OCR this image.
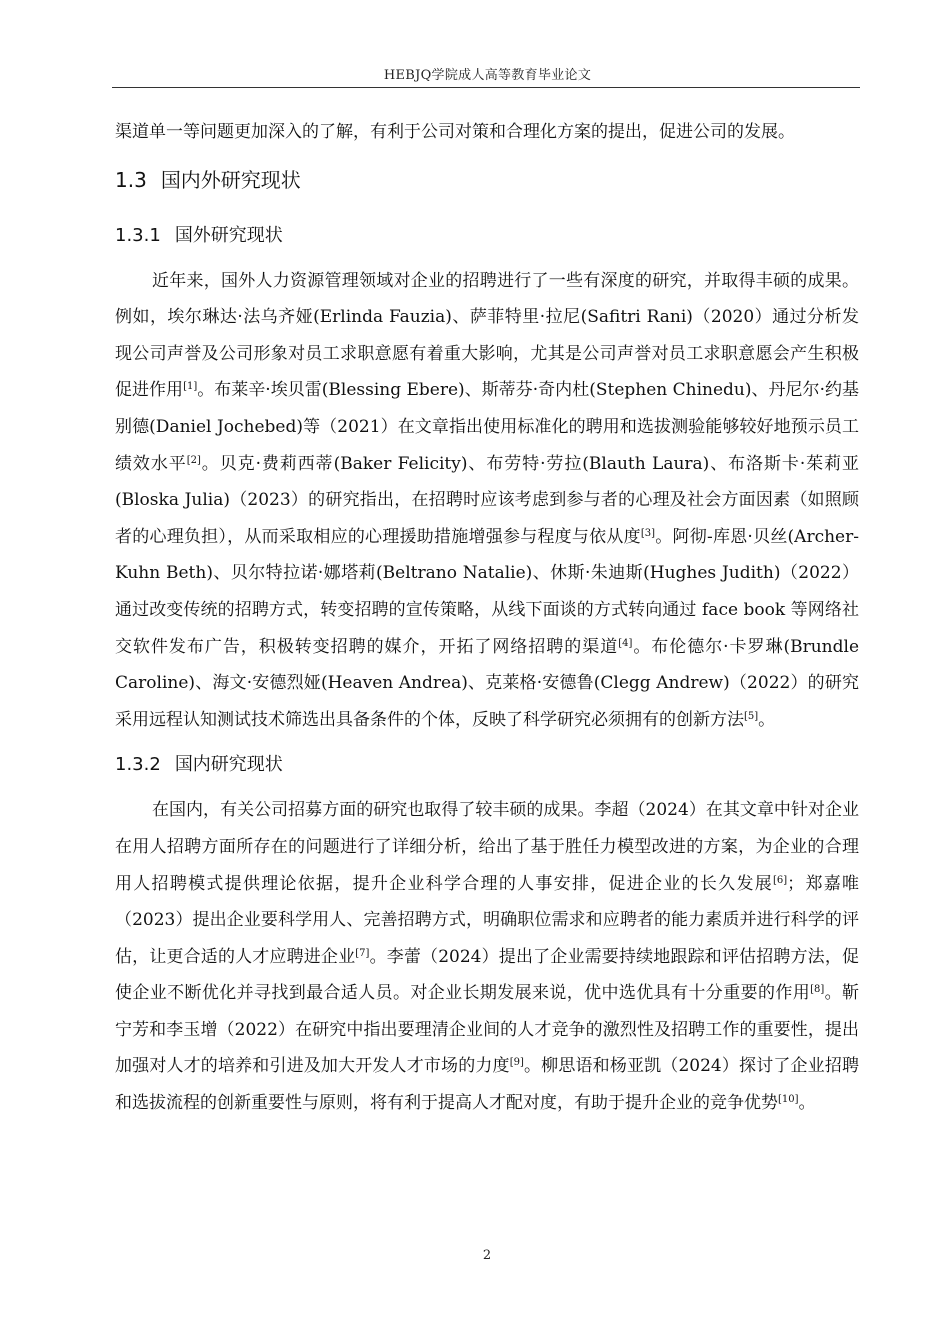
HEBJQ学院成人高等教育毕业论文

渠道单一等问题更加深入的了解，有利于公司对策和合理化方案的提出，促进公司的发展。

1.3 国内外研究现状
1.3.1 国外研究现状

近年来，国外人力资源管理领域对企业的招聘进行了一些有深度的研究，并取得丰硕的成果。例如，埃尔琳达·法乌齐娅(Erlinda Fauzia)、萨菲特里·拉尼(Safitri Rani)（2020）通过分析发现公司声誉及公司形象对员工求职意愿有着重大影响，尤其是公司声誉对员工求职意愿会产生积极促进作用[1]。布莱辛·埃贝雷(Blessing Ebere)、斯蒂芬·奇内杜(Stephen Chinedu)、丹尼尔·约基别德(Daniel Jochebed)等（2021）在文章指出使用标准化的聘用和选拔测验能够较好地预示员工绩效水平[2]。贝克·费莉西蒂(Baker Felicity)、布劳特·劳拉(Blauth Laura)、布洛斯卡·茱莉亚(Bloska Julia)（2023）的研究指出，在招聘时应该考虑到参与者的心理及社会方面因素（如照顾者的心理负担），从而采取相应的心理援助措施增强参与程度与依从度[3]。阿彻-库恩·贝丝(Archer-Kuhn Beth)、贝尔特拉诺·娜塔莉(Beltrano Natalie)、休斯·朱迪斯(Hughes Judith)（2022）通过改变传统的招聘方式，转变招聘的宣传策略，从线下面谈的方式转向通过 face book 等网络社交软件发布广告，积极转变招聘的媒介，开拓了网络招聘的渠道[4]。布伦德尔·卡罗琳(Brundle Caroline)、海文·安德烈娅(Heaven Andrea)、克莱格·安德鲁(Clegg Andrew)（2022）的研究采用远程认知测试技术筛选出具备条件的个体，反映了科学研究必须拥有的创新方法[5]。

1.3.2 国内研究现状

在国内，有关公司招募方面的研究也取得了较丰硕的成果。李超（2024）在其文章中针对企业在用人招聘方面所存在的问题进行了详细分析，给出了基于胜任力模型改进的方案，为企业的合理用人招聘模式提供理论依据，提升企业科学合理的人事安排，促进企业的长久发展[6]；郑嘉唯（2023）提出企业要科学用人、完善招聘方式，明确职位需求和应聘者的能力素质并进行科学的评估，让更合适的人才应聘进企业[7]。李蕾（2024）提出了企业需要持续地跟踪和评估招聘方法，促使企业不断优化并寻找到最合适人员。对企业长期发展来说，优中选优具有十分重要的作用[8]。靳宁芳和李玉增（2022）在研究中指出要理清企业间的人才竞争的激烈性及招聘工作的重要性，提出加强对人才的培养和引进及加大开发人才市场的力度[9]。柳思语和杨亚凯（2024）探讨了企业招聘和选拔流程的创新重要性与原则，将有利于提高人才配对度，有助于提升企业的竞争优势[10]。

2
